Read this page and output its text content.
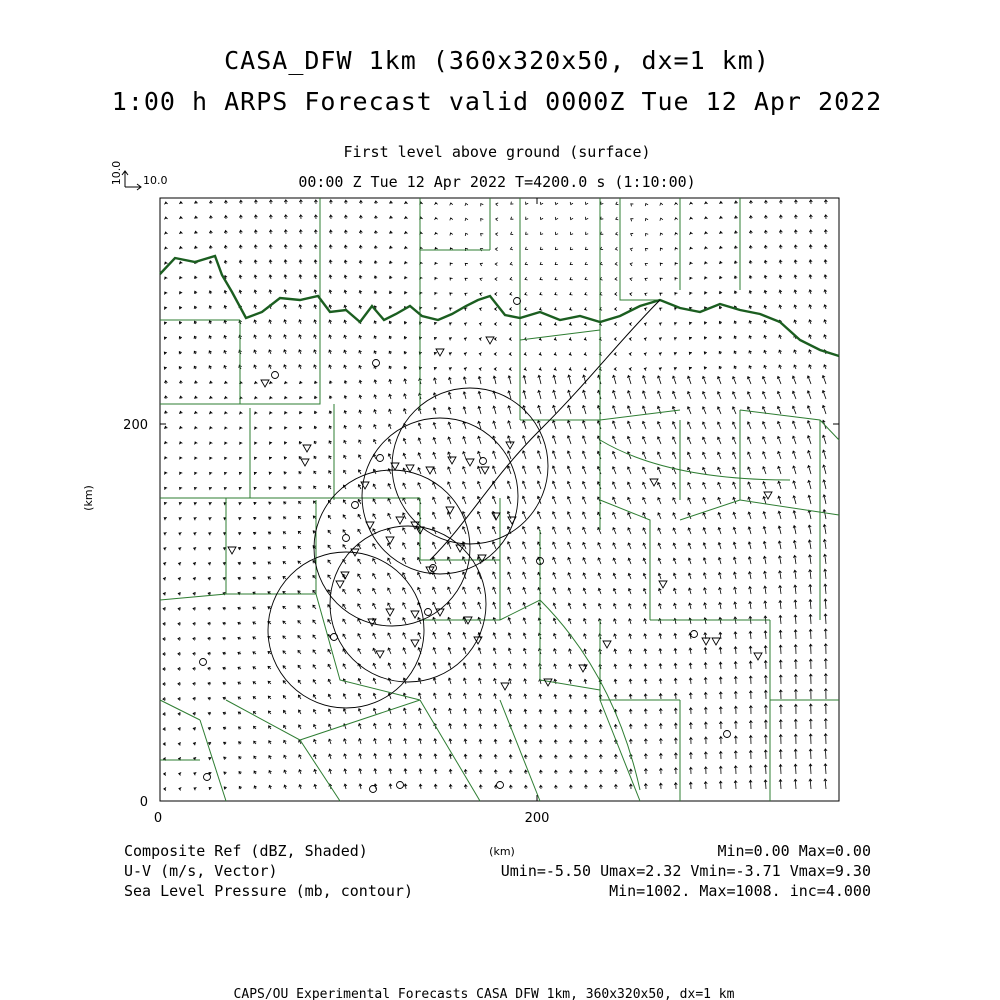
CASA_DFW 1km (360x320x50, dx=1 km)
1:00 h ARPS Forecast valid 0000Z Tue 12 Apr 2022
First level above ground (surface)
00:00 Z Tue 12 Apr 2022 T=4200.0 s (1:10:00)
10.0 10.0
0	200
0
200
(km)
(km)
Composite Ref (dBZ, Shaded)	Min=0.00 Max=0.00
U-V (m/s, Vector)	Umin=-5.50 Umax=2.32 Vmin=-3.71 Vmax=9.30
Sea Level Pressure (mb, contour)	Min=1002. Max=1008. inc=4.000
CAPS/OU Experimental Forecasts CASA DFW 1km, 360x320x50, dx=1 km
